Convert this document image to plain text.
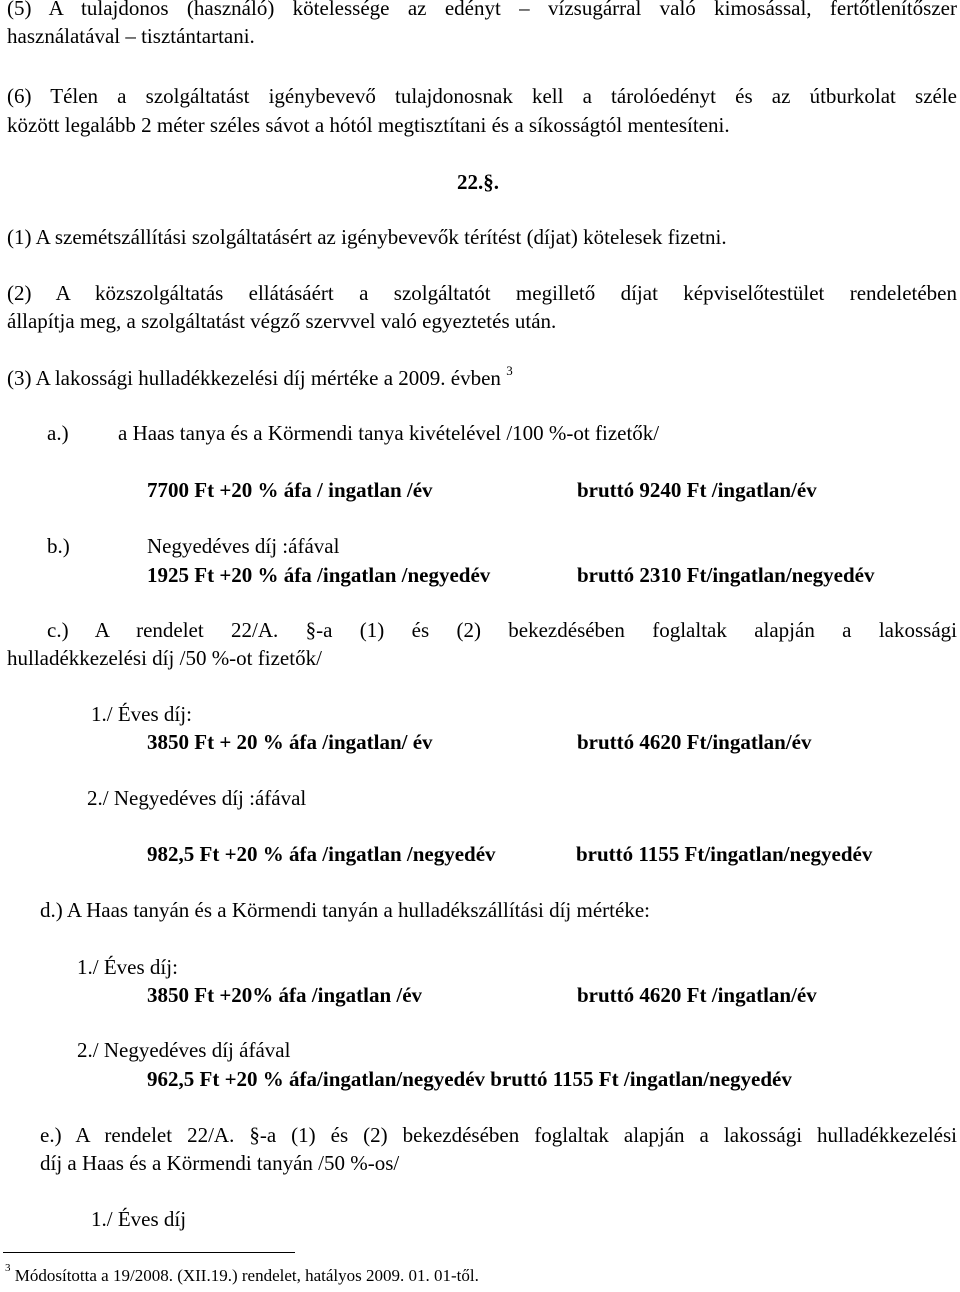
(5) A tulajdonos (használó) kötelessége az edényt – vízsugárral való kimosással, fertőtlenítőszer
használatával – tisztántartani.
(6) Télen a szolgáltatást igénybevevő tulajdonosnak kell a tárolóedényt és az útburkolat széle
között legalább 2 méter széles sávot a hótól megtisztítani és a síkosságtól mentesíteni.
22.§.
(1) A szemétszállítási szolgáltatásért az igénybevevők térítést (díjat) kötelesek fizetni.
(2) A közszolgáltatás ellátásáért a szolgáltatót megillető díjat képviselőtestület rendeletében
állapítja meg, a szolgáltatást végző szervvel való egyeztetés után.
(3) A lakossági hulladékkezelési díj mértéke a 2009. évben $^3$
a.) a Haas tanya és a Körmendi tanya kivételével /100 %-ot fizetők/
7700 Ft +20 % áfa / ingatlan /év	bruttó 9240 Ft /ingatlan/év
b.)	Negyedéves díj :áfával
1925 Ft +20 % áfa /ingatlan /negyedév	bruttó 2310 Ft/ingatlan/negyedév
c.) A rendelet 22/A. §-a (1) és (2) bekezdésében foglaltak alapján a lakossági
hulladékkezelési díj /50 %-ot fizetők/
1./ Éves díj:
3850 Ft + 20 % áfa /ingatlan/ év	bruttó 4620 Ft/ingatlan/év
2./ Negyedéves díj :áfával
982,5 Ft +20 % áfa /ingatlan /negyedév	bruttó 1155 Ft/ingatlan/negyedév
d.) A Haas tanyán és a Körmendi tanyán a hulladékszállítási díj mértéke:
1./ Éves díj:
3850 Ft +20% áfa /ingatlan /év	bruttó 4620 Ft /ingatlan/év
2./ Negyedéves díj áfával
962,5 Ft +20 % áfa/ingatlan/negyedév bruttó 1155 Ft /ingatlan/negyedév
e.) A rendelet 22/A. §-a (1) és (2) bekezdésében foglaltak alapján a lakossági hulladékkezelési
díj a Haas és a Körmendi tanyán /50 %-os/
1./ Éves díj
$^3$ Módosította a 19/2008. (XII.19.) rendelet, hatályos 2009. 01. 01-től.
